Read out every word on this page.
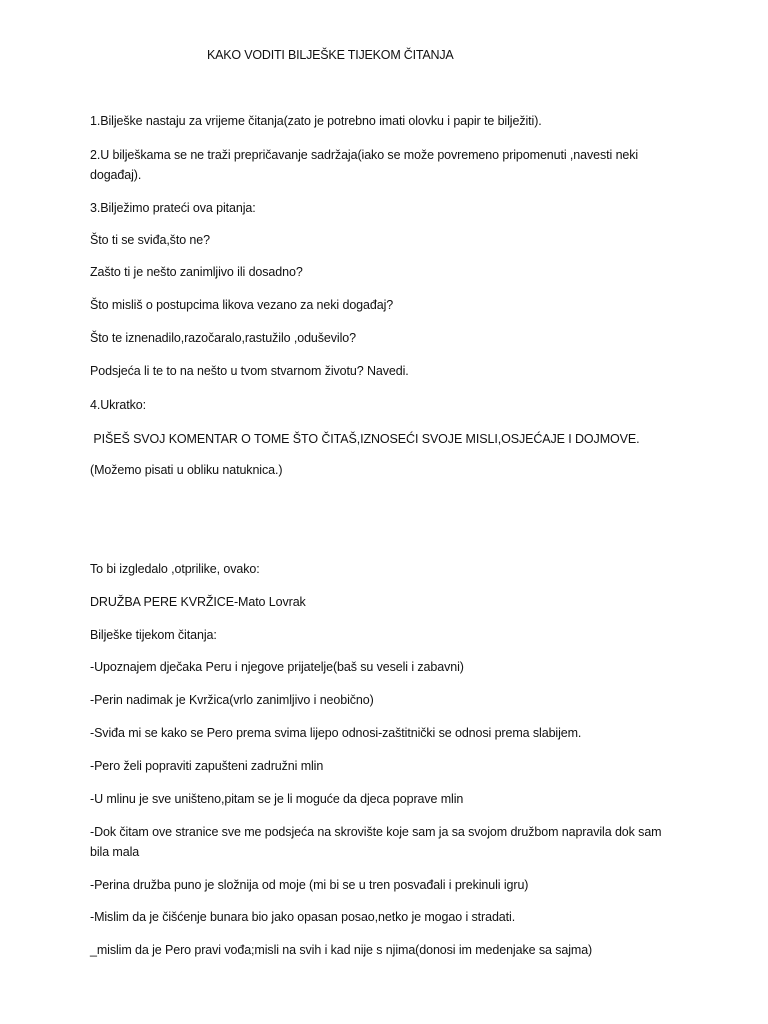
KAKO VODITI BILJEŠKE TIJEKOM ČITANJA
1.Bilješke nastaju za vrijeme čitanja(zato je potrebno imati olovku i papir te bilježiti).
2.U bilješkama se ne traži prepričavanje sadržaja(iako se može povremeno pripomenuti ,navesti neki događaj).
3.Bilježimo prateći ova pitanja:
Što ti se sviđa,što ne?
Zašto ti je nešto zanimljivo ili dosadno?
Što misliš o postupcima likova vezano za neki događaj?
Što te iznenadilo,razočaralo,rastužilo ,oduševilo?
Podsjeća li te to na nešto u tvom stvarnom životu? Navedi.
4.Ukratko:
PIŠEŠ SVOJ KOMENTAR O TOME ŠTO ČITAŠ,IZNOSEĆI SVOJE MISLI,OSJEĆAJE I DOJMOVE.
(Možemo pisati u obliku natuknica.)
To bi izgledalo ,otprilike, ovako:
DRUŽBA PERE KVRŽICE-Mato Lovrak
Bilješke tijekom čitanja:
-Upoznajem dječaka Peru i njegove prijatelje(baš su veseli i zabavni)
-Perin nadimak je Kvržica(vrlo zanimljivo i neobično)
-Sviđa mi se kako se Pero prema svima lijepo odnosi-zaštitnički se odnosi prema slabijem.
-Pero želi popraviti zapušteni zadružni mlin
-U mlinu je sve uništeno,pitam se je li moguće da djeca poprave mlin
-Dok čitam ove stranice sve me podsjeća na skrovište koje sam ja sa svojom družbom napravila dok sam bila mala
-Perina družba puno je složnija od moje (mi bi se u tren posvađali i prekinuli igru)
-Mislim da je čišćenje bunara bio jako opasan posao,netko je mogao i stradati.
_mislim da je Pero pravi vođa;misli na svih i kad nije s njima(donosi im medenjake sa sajma)
